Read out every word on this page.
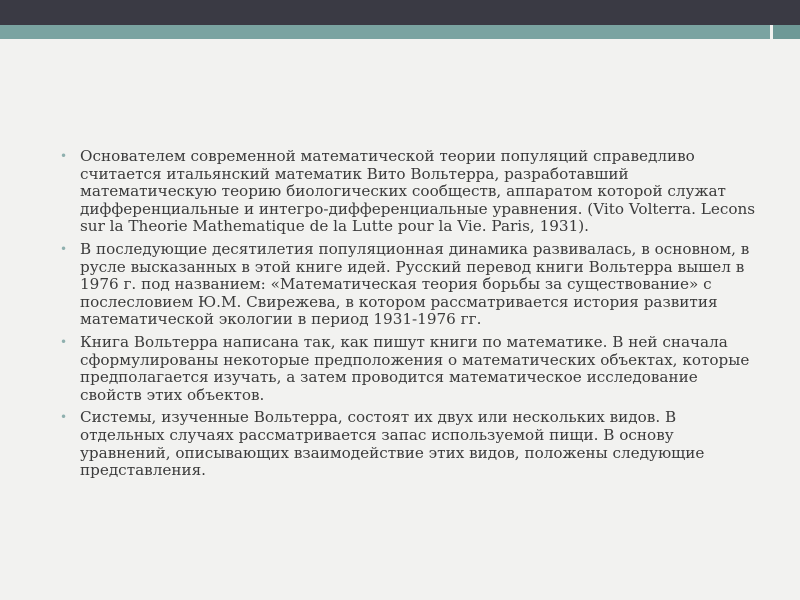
• Основателем современной математической теории популяций справедливо считается итальянский математик Вито Вольтерра, разработавший математическую теорию биологических сообществ, аппаратом которой служат дифференциальные и интегро-дифференциальные уравнения. (Vito Volterra. Lecons sur la Theorie Mathematique de la Lutte pour la Vie. Paris, 1931).
• В последующие десятилетия популяционная динамика развивалась, в основном, в русле высказанных в этой книге идей. Русский перевод книги Вольтерра вышел в 1976 г. под названием: «Математическая теория борьбы за существование» с послесловием Ю.М. Свирежева, в котором рассматривается история развития математической экологии в период 1931-1976 гг.
• Книга Вольтерра написана так, как пишут книги по математике. В ней сначала сформулированы некоторые предположения о математических объектах, которые предполагается изучать, а затем проводится математическое исследование свойств этих объектов.
• Системы, изученные Вольтерра, состоят их двух или нескольких видов. В отдельных случаях рассматривается запас используемой пищи. В основу уравнений, описывающих взаимодействие этих видов, положены следующие представления.
